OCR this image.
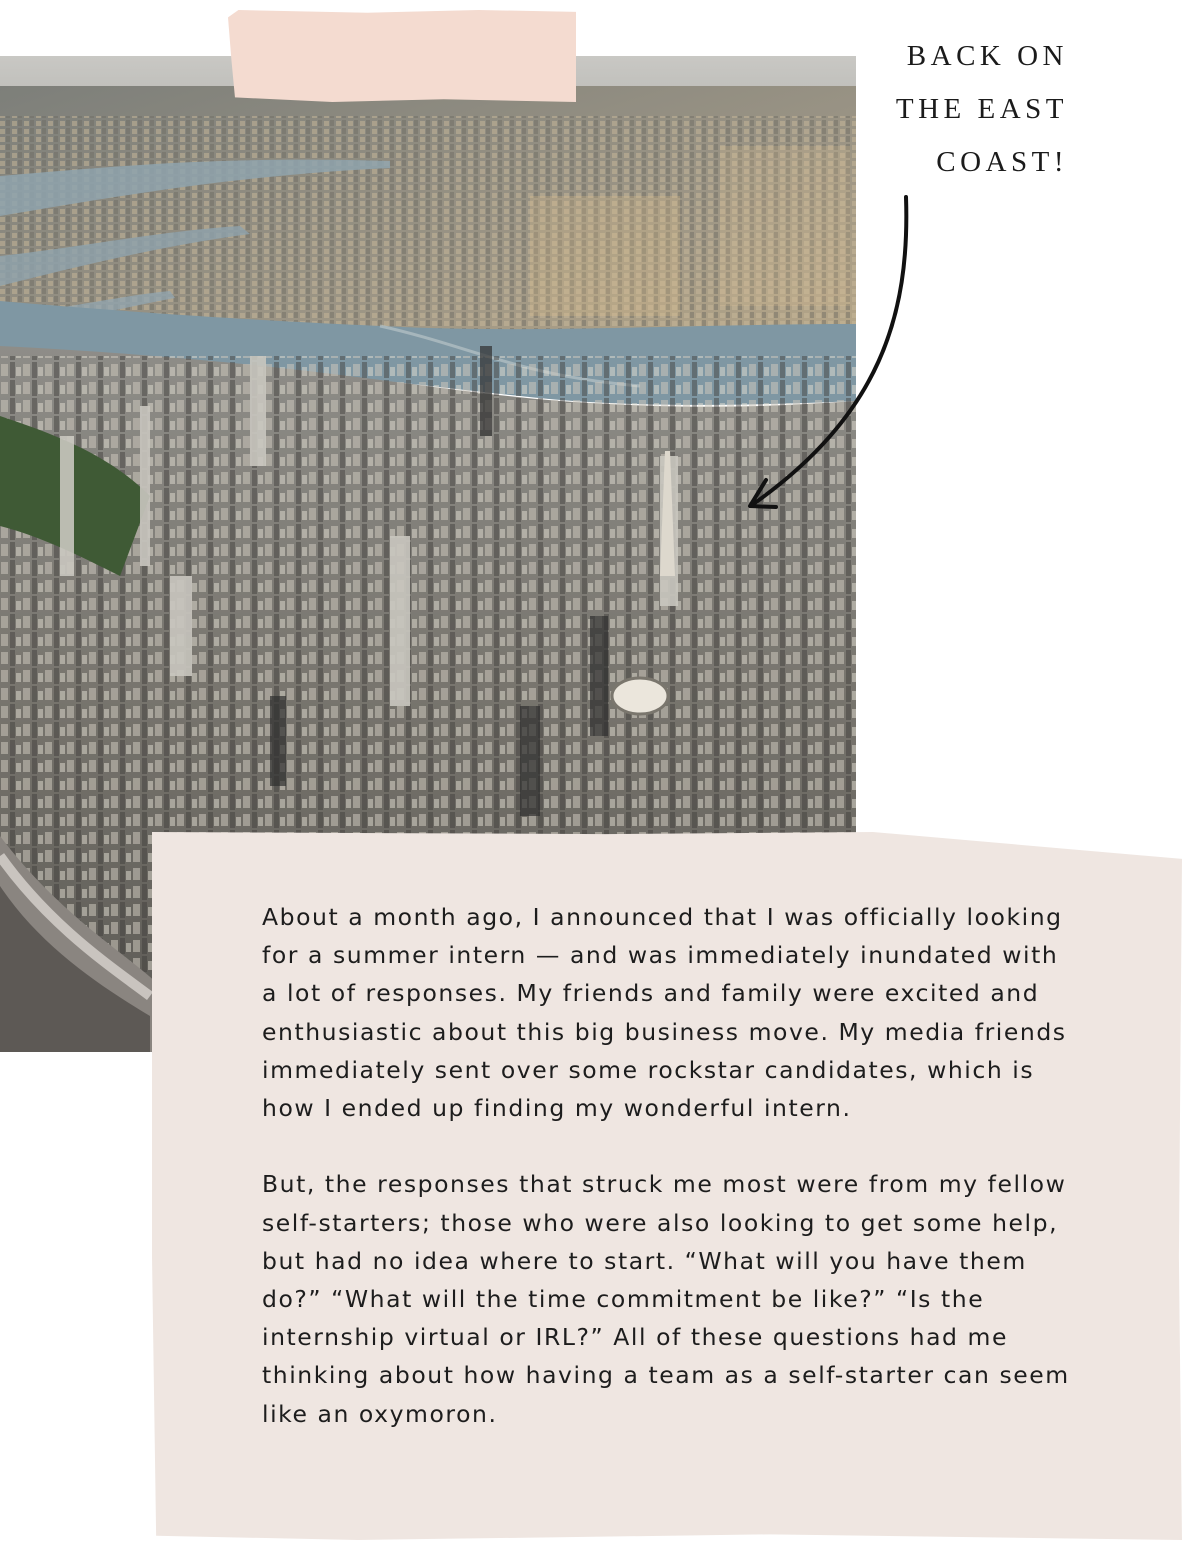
BACK ON
THE EAST
COAST!

About a month ago, I announced that I was officially looking for a summer intern — and was immediately inundated with a lot of responses. My friends and family were excited and enthusiastic about this big business move. My media friends immediately sent over some rockstar candidates, which is how I ended up finding my wonderful intern.

But, the responses that struck me most were from my fellow self-starters; those who were also looking to get some help, but had no idea where to start. “What will you have them do?” “What will the time commitment be like?” “Is the internship virtual or IRL?” All of these questions had me thinking about how having a team as a self-starter can seem like an oxymoron.
